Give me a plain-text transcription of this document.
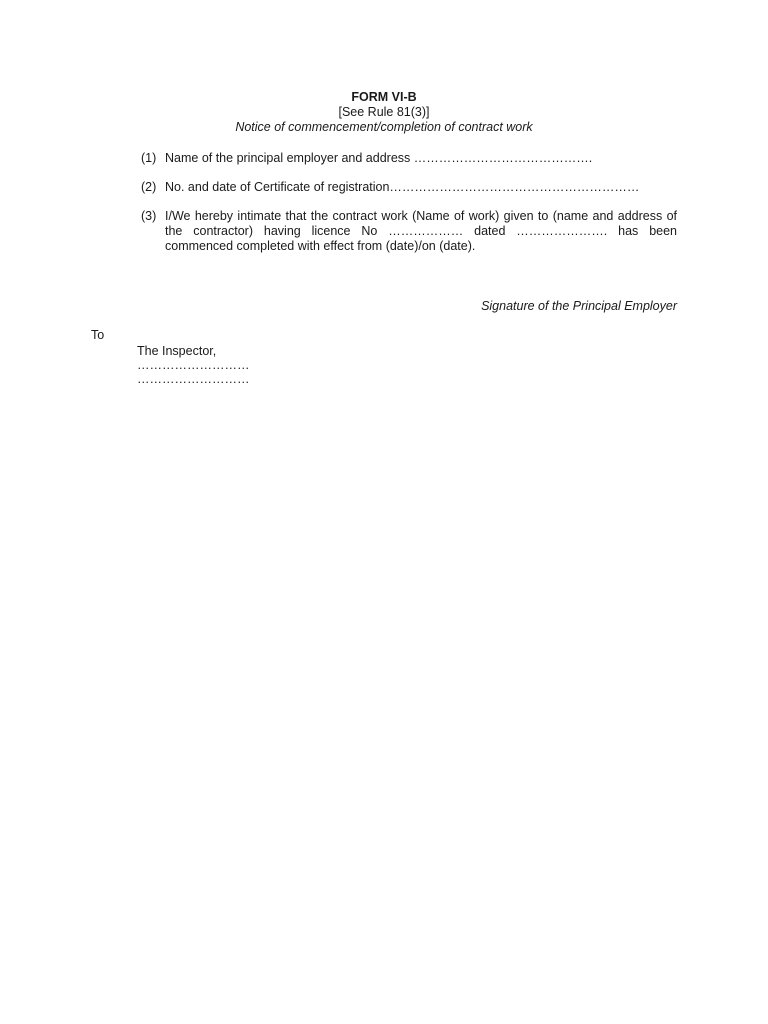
FORM VI-B
[See Rule 81(3)]
Notice of commencement/completion of contract work
(1) Name of the principal employer and address …………………………………….
(2) No. and date of Certificate of registration……………………………………………………
(3) I/We hereby intimate that the contract work (Name of work) given to (name and address of the contractor) having licence No ……………… dated …………………. has been commenced completed with effect from (date)/on (date).
Signature of the Principal Employer
To
The Inspector,
………………………
………………………
